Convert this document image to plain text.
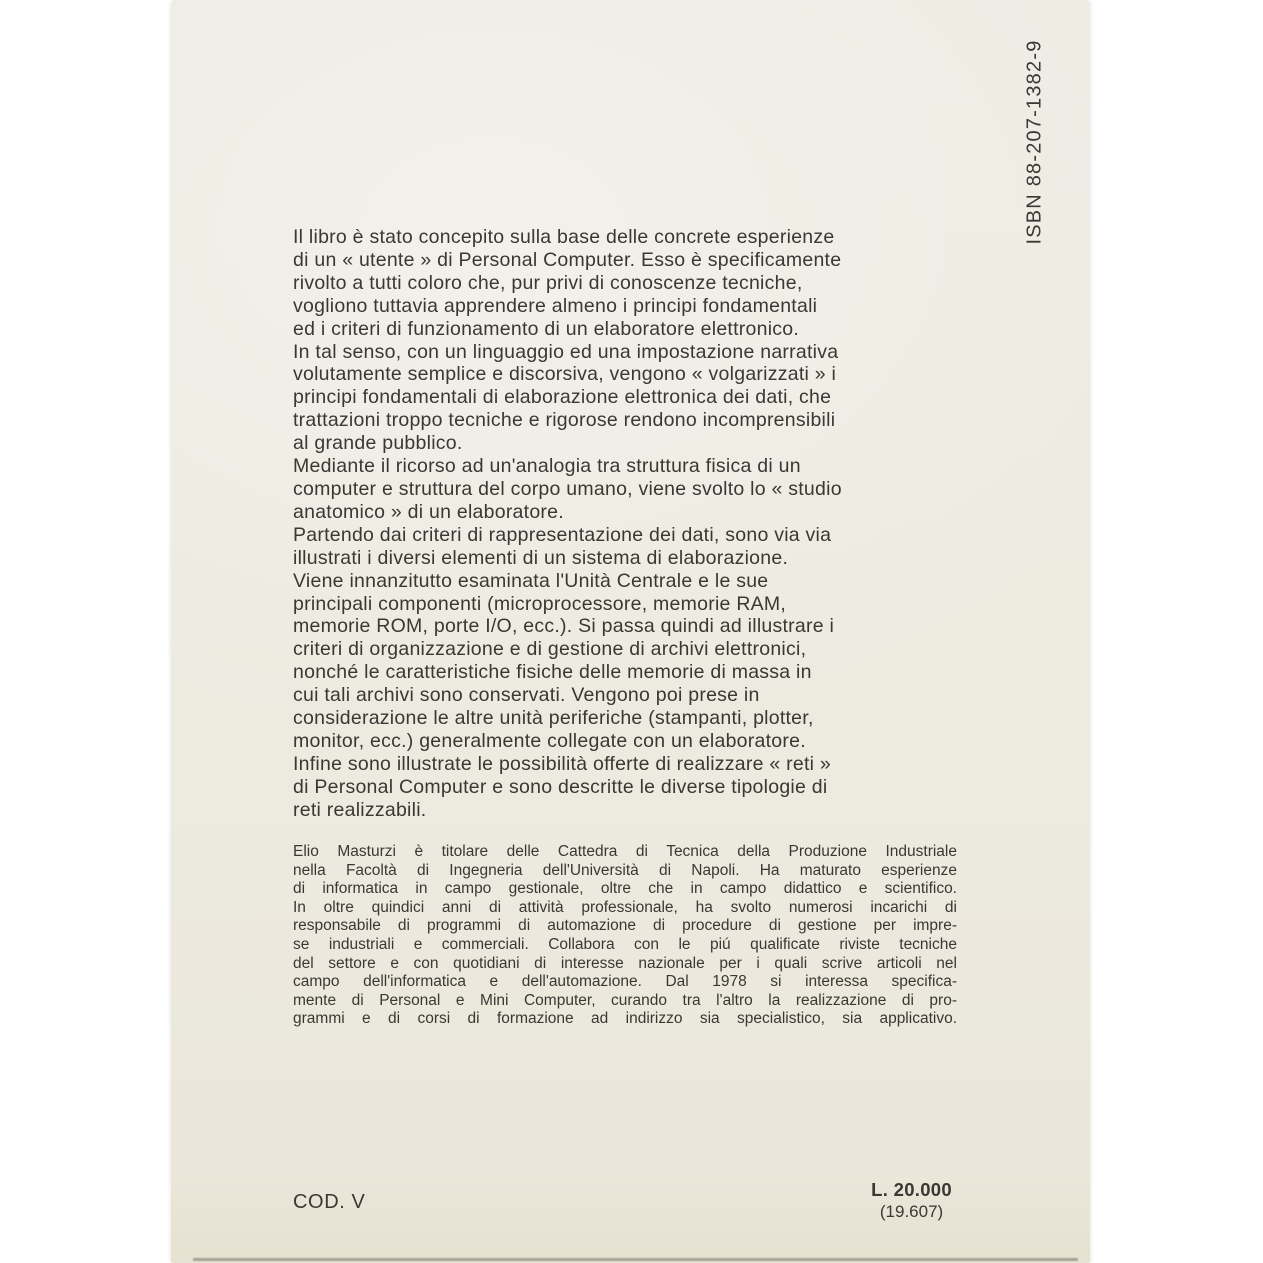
ISBN 88-207-1382-9
Il libro è stato concepito sulla base delle concrete esperienze
di un « utente » di Personal Computer. Esso è specificamente
rivolto a tutti coloro che, pur privi di conoscenze tecniche,
vogliono tuttavia apprendere almeno i principi fondamentali
ed i criteri di funzionamento di un elaboratore elettronico.
In tal senso, con un linguaggio ed una impostazione narrativa
volutamente semplice e discorsiva, vengono « volgarizzati » i
principi fondamentali di elaborazione elettronica dei dati, che
trattazioni troppo tecniche e rigorose rendono incomprensibili
al grande pubblico.
Mediante il ricorso ad un'analogia tra struttura fisica di un
computer e struttura del corpo umano, viene svolto lo « studio
anatomico » di un elaboratore.
Partendo dai criteri di rappresentazione dei dati, sono via via
illustrati i diversi elementi di un sistema di elaborazione.
Viene innanzitutto esaminata l'Unità Centrale e le sue
principali componenti (microprocessore, memorie RAM,
memorie ROM, porte I/O, ecc.). Si passa quindi ad illustrare i
criteri di organizzazione e di gestione di archivi elettronici,
nonché le caratteristiche fisiche delle memorie di massa in
cui tali archivi sono conservati. Vengono poi prese in
considerazione le altre unità periferiche (stampanti, plotter,
monitor, ecc.) generalmente collegate con un elaboratore.
Infine sono illustrate le possibilità offerte di realizzare « reti »
di Personal Computer e sono descritte le diverse tipologie di
reti realizzabili.
Elio Masturzi è titolare delle Cattedra di Tecnica della Produzione Industriale
nella Facoltà di Ingegneria dell'Università di Napoli. Ha maturato esperienze
di informatica in campo gestionale, oltre che in campo didattico e scientifico.
In oltre quindici anni di attività professionale, ha svolto numerosi incarichi di
responsabile di programmi di automazione di procedure di gestione per impre-
se industriali e commerciali. Collabora con le piú qualificate riviste tecniche
del settore e con quotidiani di interesse nazionale per i quali scrive articoli nel
campo dell'informatica e dell'automazione. Dal 1978 si interessa specifica-
mente di Personal e Mini Computer, curando tra l'altro la realizzazione di pro-
grammi e di corsi di formazione ad indirizzo sia specialistico, sia applicativo.
COD. V
L. 20.000
(19.607)
